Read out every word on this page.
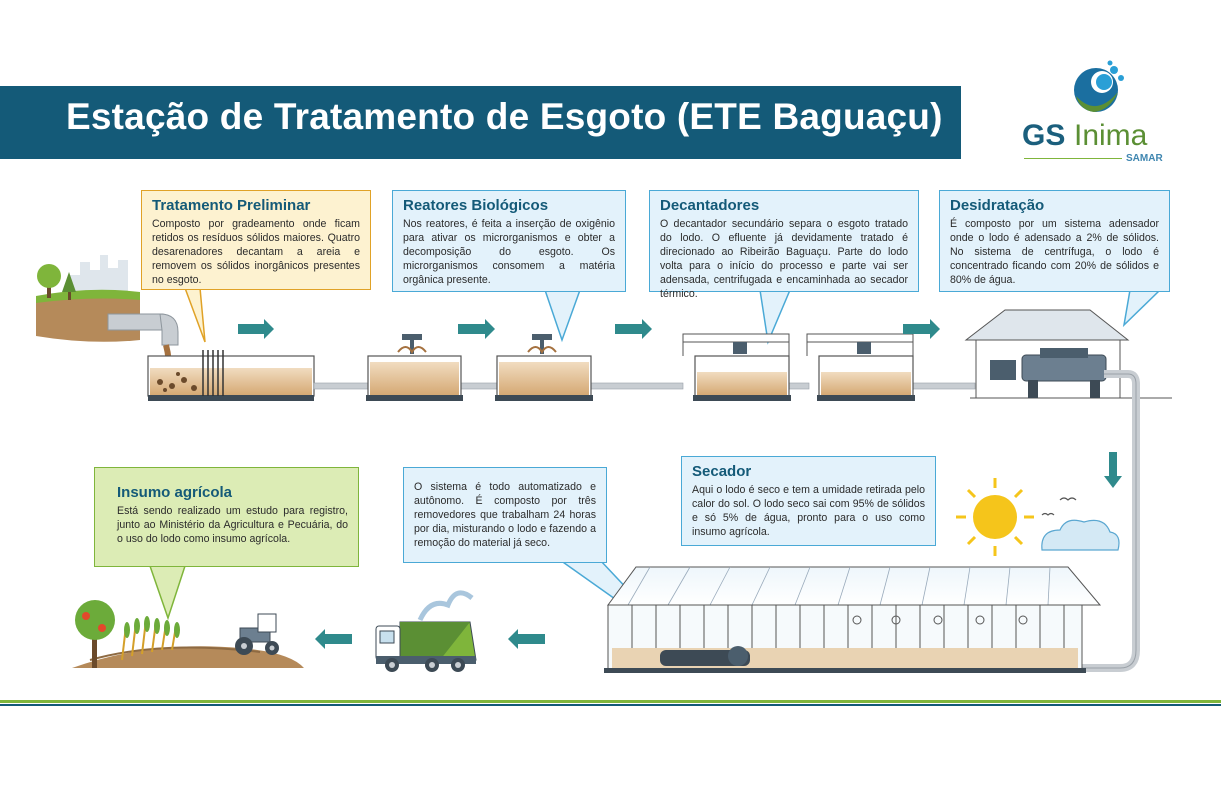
Estação de Tratamento de Esgoto (ETE Baguaçu)	GS Inima
SAMAR
Tratamento Preliminar

Composto por gradeamento onde ficam retidos os resíduos sólidos maiores. Quatro desarenadores decantam a areia e removem os sólidos inorgânicos presentes no esgoto.

Reatores Biológicos

Nos reatores, é feita a inserção de oxigênio para ativar os microrganismos e obter a decomposição do esgoto. Os microrganismos consomem a matéria orgânica presente.

Decantadores

O decantador secundário separa o esgoto tratado do lodo. O efluente já devidamente tratado é direcionado ao Ribeirão Baguaçu. Parte do lodo volta para o início do processo e parte vai ser adensada, centrifugada e encaminhada ao secador térmico.

Desidratação

É composto por um sistema adensador onde o lodo é adensado a 2% de sólidos. No sistema de centrífuga, o lodo é concentrado ficando com 20% de sólidos e 80% de água.

Secador

Aqui o lodo é seco e tem a umidade retirada pelo calor do sol. O lodo seco sai com 95% de sólidos e só 5% de água, pronto para o uso como insumo agrícola.

O sistema é todo automatizado e autônomo. É composto por três removedores que trabalham 24 horas por dia, misturando o lodo e fazendo a remoção do material já seco.

Insumo agrícola

Está sendo realizado um estudo para registro, junto ao Ministério da Agricultura e Pecuária, do o uso do lodo como insumo agrícola.
